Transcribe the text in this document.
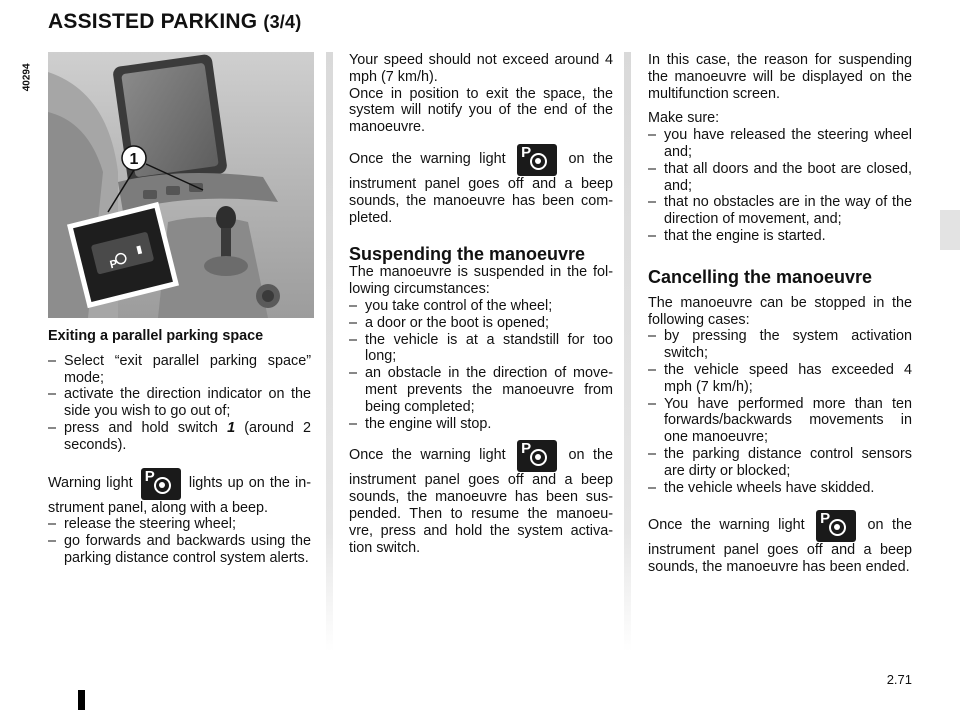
ASSISTED PARKING (3/4)
40294
1
P
Exiting a parallel parking space
– Select “exit parallel parking space” mode;
– activate the direction indicator on the side you wish to go out of;
– press and hold switch 1 (around 2 seconds).

Warning light P lights up on the in-strument panel, along with a beep.

– release the steering wheel;
– go forwards and backwards using the parking distance control system alerts.

Your speed should not exceed around 4 mph (7 km/h).

Once in position to exit the space, the system will notify you of the end of the manoeuvre.

Once the warning light P	on the instrument panel goes off and a beep sounds, the manoeuvre has been com-pleted.

Suspending the manoeuvre

The manoeuvre is suspended in the fol-lowing circumstances:

– you take control of the wheel;
– a door or the boot is opened;
– the vehicle is at a standstill for too long;
– an obstacle in the direction of move-ment prevents the manoeuvre from being completed;
– the engine will stop.

Once the warning light P	on the instrument panel goes off and a beep sounds, the manoeuvre has been sus-pended. Then to resume the manoeu-vre, press and hold the system activa-tion switch.

In this case, the reason for suspending the manoeuvre will be displayed on the multifunction screen.

Make sure:

– you have released the steering wheel and;
– that all doors and the boot are closed, and;
– that no obstacles are in the way of the direction of movement, and;
– that the engine is started.
Cancelling the manoeuvre

The manoeuvre can be stopped in the following cases:

– by pressing the system activation switch;
– the vehicle speed has exceeded 4 mph (7 km/h);
– You have performed more than ten forwards/backwards movements in one manoeuvre;
– the parking distance control sensors are dirty or blocked;
– the vehicle wheels have skidded.

Once the warning light P	on the instrument panel goes off and a beep sounds, the manoeuvre has been ended.

2.71
